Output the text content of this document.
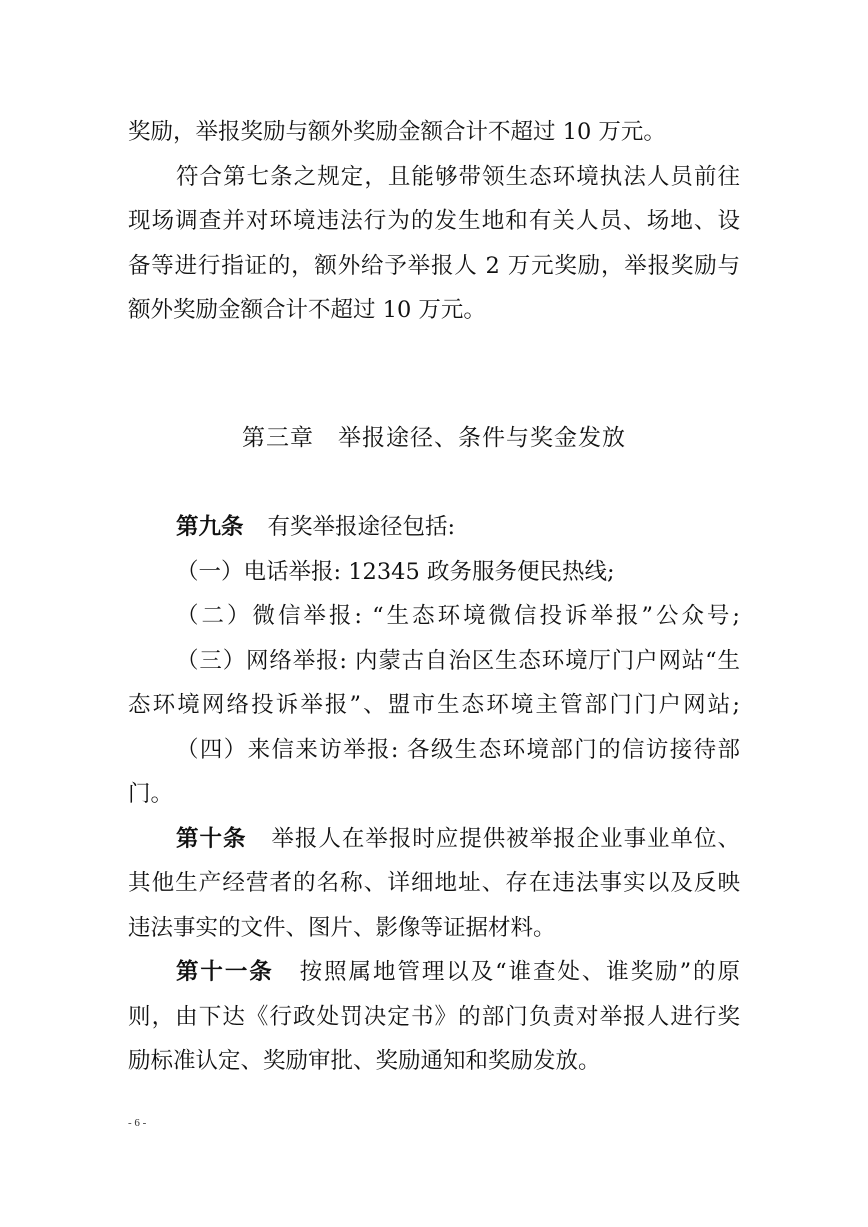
奖励，举报奖励与额外奖励金额合计不超过 10 万元。
符合第七条之规定，且能够带领生态环境执法人员前往
现场调查并对环境违法行为的发生地和有关人员、场地、设
备等进行指证的，额外给予举报人 2 万元奖励，举报奖励与
额外奖励金额合计不超过 10 万元。
第三章　举报途径、条件与奖金发放
第九条 有奖举报途径包括:
（一）电话举报: 12345 政务服务便民热线;
（二）微信举报: “生态环境微信投诉举报”公众号;
（三）网络举报: 内蒙古自治区生态环境厅门户网站“生
态环境网络投诉举报”、盟市生态环境主管部门门户网站;
（四）来信来访举报: 各级生态环境部门的信访接待部
门。
第十条 举报人在举报时应提供被举报企业事业单位、
其他生产经营者的名称、详细地址、存在违法事实以及反映
违法事实的文件、图片、影像等证据材料。
第十一条 按照属地管理以及“谁查处、谁奖励”的原
则，由下达《行政处罚决定书》的部门负责对举报人进行奖
励标准认定、奖励审批、奖励通知和奖励发放。
- 6 -
